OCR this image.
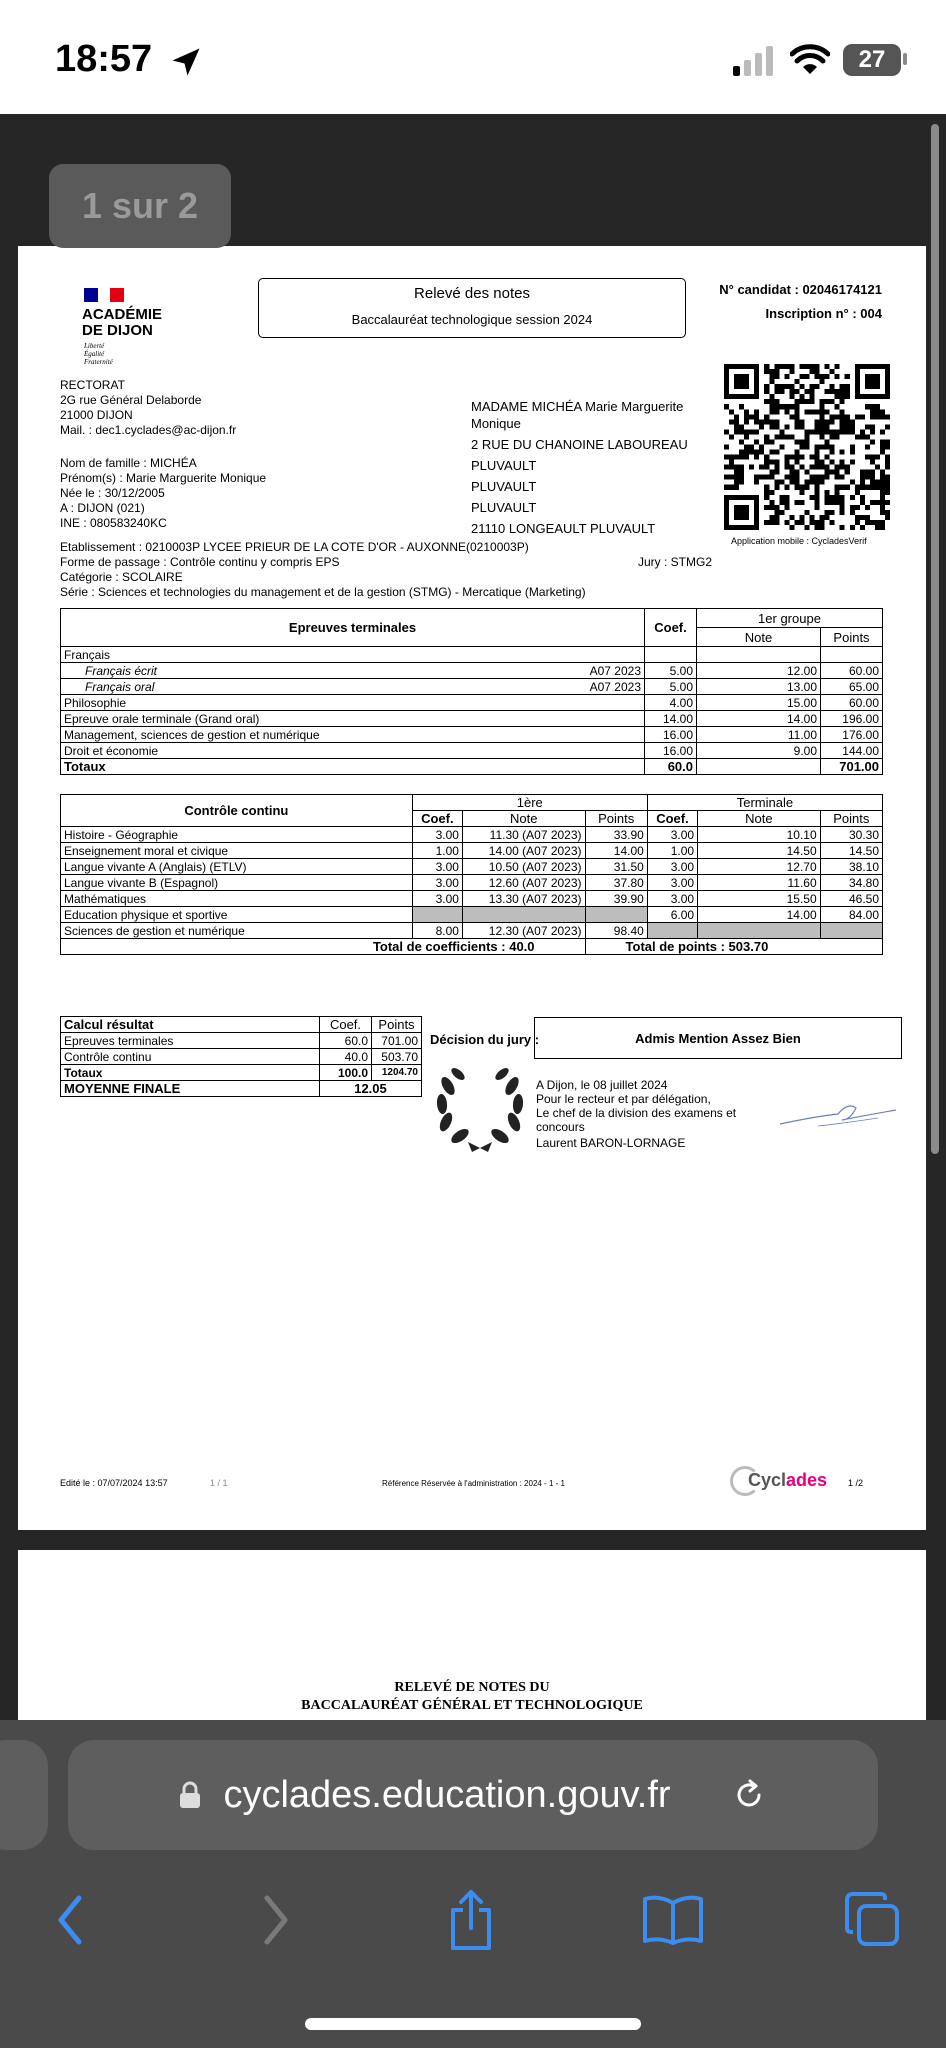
18:57	27
ACADÉMIE
DE DIJON
Liberté
Égalité
Fraternité
Relevé des notes
Baccalauréat technologique session 2024
N° candidat : 02046174121
Inscription n° : 004
RECTORAT
2G rue Général Delaborde
21000 DIJON
Mail. : dec1.cyclades@ac-dijon.fr
Nom de famille : MICHÉA
Prénom(s) : Marie Marguerite Monique
Née le : 30/12/2005
A : DIJON (021)
INE : 080583240KC
MADAME MICHÉA Marie Marguerite
Monique
2 RUE DU CHANOINE LABOUREAU
PLUVAULT
PLUVAULT
PLUVAULT
21110 LONGEAULT PLUVAULT
Application mobile : CycladesVerif
Etablissement : 0210003P LYCEE PRIEUR DE LA COTE D'OR - AUXONNE(0210003P)
Forme de passage : Contrôle continu y compris EPS
Catégorie : SCOLAIRE
Série : Sciences et technologies du management et de la gestion (STMG) - Mercatique (Marketing)
Jury : STMG2
Epreuves terminales		Coef.	1er groupe	
			Note	Points
Français				
Français écrit	A07 2023	5.00	12.00	60.00
Français oral	A07 2023	5.00	13.00	65.00
Philosophie		4.00	15.00	60.00
Epreuve orale terminale (Grand oral)		14.00	14.00	196.00
Management, sciences de gestion et numérique		16.00	11.00	176.00
Droit et économie		16.00	9.00	144.00
Totaux		60.0		701.00
Contrôle continu	1ère			Terminale		
	Coef.	Note	Points	Coef.	Note	Points
Histoire - Géographie	3.00	11.30 (A07 2023)	33.90	3.00	10.10	30.30
Enseignement moral et civique	1.00	14.00 (A07 2023)	14.00	1.00	14.50	14.50
Langue vivante A (Anglais) (ETLV)	3.00	10.50 (A07 2023)	31.50	3.00	12.70	38.10
Langue vivante B (Espagnol)	3.00	12.60 (A07 2023)	37.80	3.00	11.60	34.80
Mathématiques	3.00	13.30 (A07 2023)	39.90	3.00	15.50	46.50
Education physique et sportive				6.00	14.00	84.00
Sciences de gestion et numérique	8.00	12.30 (A07 2023)	98.40			
Total de coefficients : 40.0			Total de points : 503.70			
Calcul résultat	Coef.	Points
Epreuves terminales	60.0	701.00
Contrôle continu	40.0	503.70
Totaux	100.0	1204.70
MOYENNE FINALE	12.05	
Décision du jury :	Admis Mention Assez Bien
A Dijon, le 08 juillet 2024
Pour le recteur et par délégation,
Le chef de la division des examens et
concours
Laurent BARON-LORNAGE
Edité le : 07/07/2024 13:57	1 / 1	Référence Réservée à l'administration : 2024 - 1 - 1	Cyclades 1 /2
RELEVÉ DE NOTES DU
BACCALAURÉAT GÉNÉRAL ET TECHNOLOGIQUE
1 sur 2
cyclades.education.gouv.fr
